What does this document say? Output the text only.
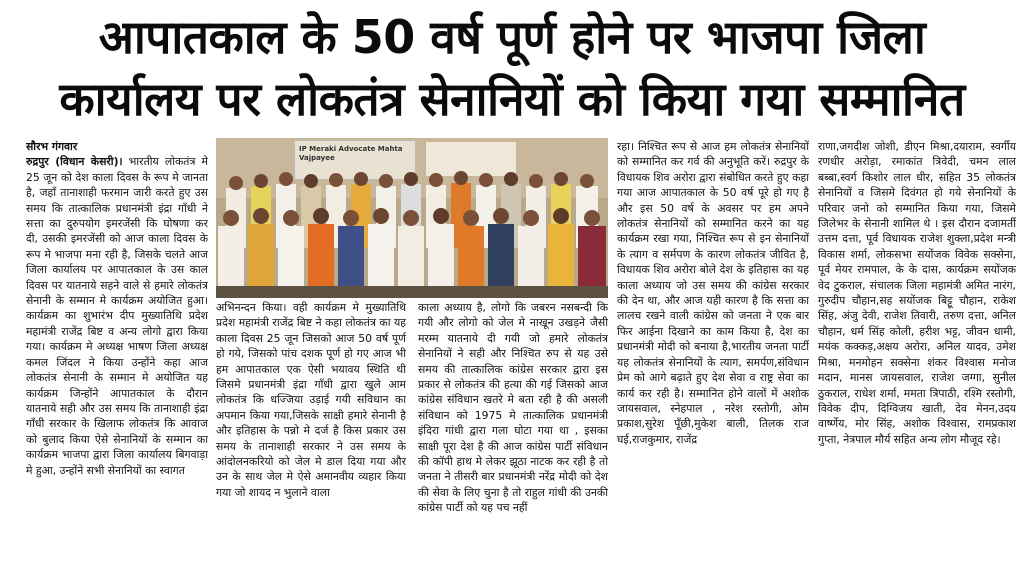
आपातकाल के 50 वर्ष पूर्ण होने पर भाजपा जिला
कार्यालय पर लोकतंत्र सेनानियों को किया गया सम्मानित

सौरभ गंगवार

रुद्रपुर (विधान केसरी)। भारतीय लोकतंत्र मे 25 जून को देश काला दिवस के रूप मे जानता है, जहाँ तानाशाही फरमान जारी करते हुए उस समय कि तात्कालिक प्रधानमंत्री इंद्रा गाँधी ने सत्ता का दुरुपयोग इमरजेंसी कि घोषणा कर दी, उसकी इमरजेंसी को आज काला दिवस के रूप मे भाजपा मना रही है, जिसके चलते आज जिला कार्यालय पर आपातकाल के उस काल दिवस पर यातनाये सहने वाले से हमारे लोकतंत्र सेनानी के सम्मान मे कार्यक्रम अयोजित हुआ। कार्यक्रम का शुभारंभ दीप मुख्यातिथि प्रदेश महामंत्री राजेंद्र बिष्ट व अन्य लोगो द्वारा किया गया। कार्यक्रम मे अध्यक्ष भाषण जिला अध्यक्ष कमल जिंदल ने किया उन्होंने कहा आज लोकतंत्र सेनानी के सम्मान मे अयोजित यह कार्यक्रम जिन्होंने आपातकाल के दौरान यातनाये सही और उस समय कि तानाशाही इंद्रा गाँधी सरकार के खिलाफ लोकतंत्र कि आवाज को बुलाद किया ऐसे सेनानियों के सम्मान का कार्यक्रम भाजपा द्वारा जिला कार्यालय बिगवाड़ा मे हुआ, उन्होंने सभी सेनानियों का स्वागत

IP Meraki Advocate Mahta Vajpayee

अभिनन्दन किया। वही कार्यक्रम मे मुख्यातिथि प्रदेश महामंत्री राजेंद्र बिष्ट ने कहा लोकतंत्र का यह काला दिवस 25 जून जिसको आज 50 वर्ष पूर्ण हो गये, जिसको पांच दशक पूर्ण हो गए आज भी हम आपातकाल एक ऐसी भयावय स्थिति थी जिसमे प्रधानमंत्री इंद्रा गाँधी द्वारा खुले आम लोकतंत्र कि धज्जिया उड़ाई गयी सविधान का अपमान किया गया,जिसके साक्षी हमारे सेनानी है और इतिहास के पन्नो मे दर्ज है किस प्रकार उस समय के तानाशाही सरकार ने उस समय के आंदोलनकरियो को जेल मे डाल दिया गया और उन के साथ जेल मे ऐसे अमानवीय व्यहार किया गया जो शायद न भुलाने वाला

काला अध्याय है, लोगो कि जबरन नसबन्दी कि गयी और लोगो को जेल मे नाखून उखड़ने जैसी मरम्म यातनाये दी गयी जो हमारे लोकतंत्र सेनानियों ने सही और निश्चित रुप से यह उसे समय की तात्कालिक कांग्रेस सरकार द्वारा इस प्रकार से लोकतंत्र की हत्या की गई जिसको आज कांग्रेस संविधान खतरे मे बता रही है की असली संविधान को 1975 मे तात्कालिक प्रधानमंत्री इंदिरा गांधी द्वारा गला घोटा गया था , इसका साक्षी पूरा देश है की आज कांग्रेस पार्टी संविधान की कॉपी हाथ मे लेकर झूठा नाटक कर रही है तो जनता ने तीसरी बार प्रधानमंत्री नरेंद्र मोदी को देश की सेवा के लिए चुना है तो राहुल गांधी की उनकी कांग्रेस पार्टी को यह पच नहीं

रहा। निश्चित रूप से आज हम लोकतंत्र सेनानियों को सम्मानित कर गर्व की अनुभूति करें। रुद्रपुर के विधायक शिव अरोरा द्वारा संबोधित करते हुए कहा गया आज आपातकाल के 50 वर्ष पूरे हो गए है और इस 50 वर्ष के अवसर पर हम अपने लोकतंत्र सेनानियों को सम्मानित करने का यह कार्यक्रम रखा गया, निश्चित रूप से इन सेनानियों के त्याग व सर्मपण के कारण लोकतंत्र जीवित है, विधायक शिव अरोरा बोले देश के इतिहास का यह काला अध्याय जो उस समय की कांग्रेस सरकार की देन था, और आज यही कारण है कि सत्ता का लालच रखने वाली कांग्रेस को जनता ने एक बार फिर आईना दिखाने का काम किया है, देश का प्रधानमंत्री मोदी को बनाया है,भारतीय जनता पार्टी यह लोकतंत्र सेनानियों के त्याग, समर्पण,संविधान प्रेम को आगे बढ़ाते हुए देश सेवा व राष्ट्र सेवा का कार्य कर रही है। सम्मानित होने वालों में अशोक जायसवाल, स्नेहपाल , नरेश रस्तोगी, ओम प्रकाश,सुरेश पूँछी,मुकेश बाली, तिलक राज घई,राजकुमार, राजेंद्र

राणा,जगदीश जोशी, डीएन मिश्रा,दयाराम, स्वर्गीय रणधीर अरोड़ा, रमाकांत त्रिवेदी, चमन लाल बब्बा,स्वर्ग किशोर लाल धीर, सहित 35 लोकतंत्र सेनानियों व जिसमे दिवंगत हो गये सेनानियों के परिवार जनो को सम्मानित किया गया, जिसमे जिलेभर के सेनानी शामिल थे । इस दौरान दजामर्ती उत्तम दत्ता, पूर्व विधायक राजेश शुक्ला,प्रदेश मन्त्री विकास शर्मा, लोकसभा सयोंजक विवेक सक्सेना, पूर्व मेयर रामपाल, के के दास, कार्यक्रम सयोंजक वेद टुकराल, संचालक जिला महामंत्री अमित नारंग, गुरुदीप चौहान,सह सयोंजक बिट्टू चौहान, राकेश सिंह, अंजु देवी, राजेश तिवारी, तरुण दत्ता, अनिल चौहान, धर्म सिंह कोली, हरीश भट्ट, जीवन धामी, मयंक कक्कड़,अक्षय अरोरा, अनिल यादव, उमेश मिश्रा, मनमोहन सक्सेना शंकर विश्वास मनोज मदान, मानस जायसवाल, राजेश जग्गा, सुनील ठुकराल, राधेश शर्मा, ममता त्रिपाठी, रश्मि रस्तोगी, विवेक दीप, दिग्विजय खाती, देव मेनन,उदय वार्ष्णेय, मोर सिंह, अशोक विश्वास, रामप्रकाश गुप्ता, नेत्रपाल मौर्य सहित अन्य लोग मौजूद रहे।
